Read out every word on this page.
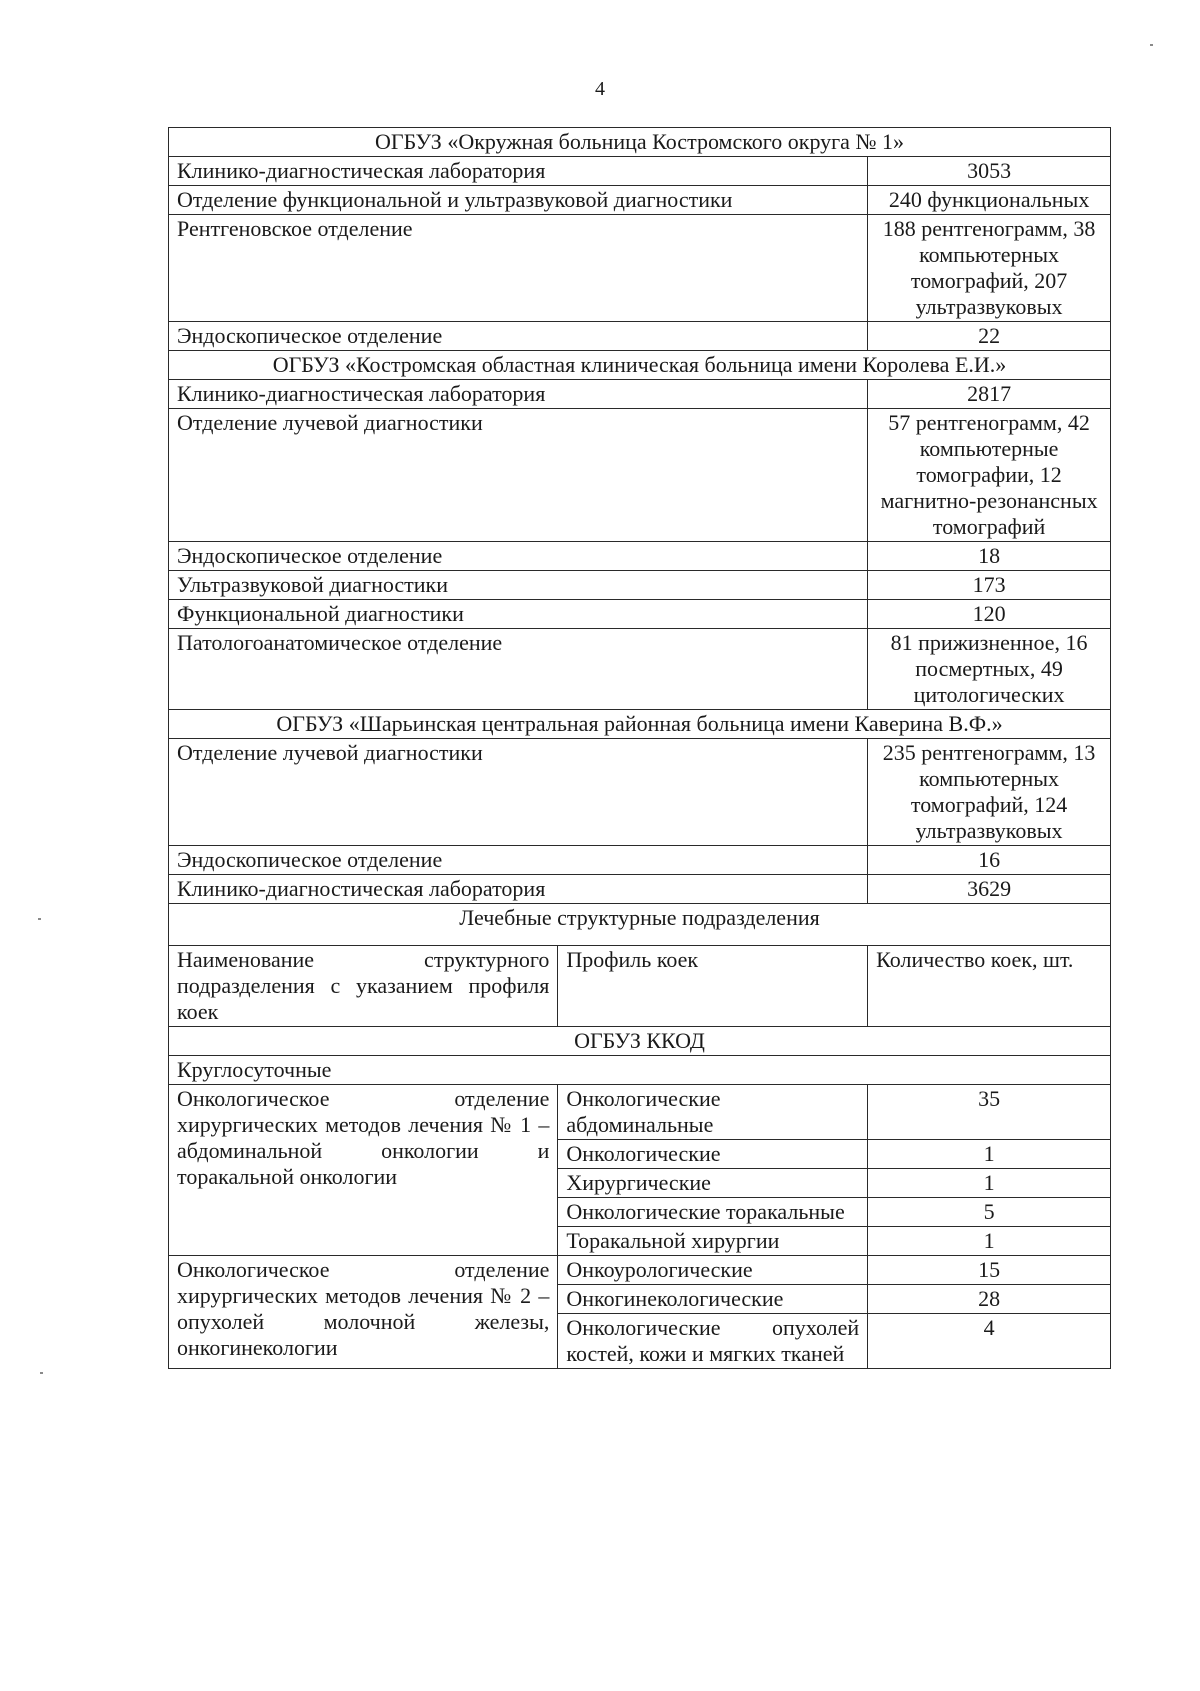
4
ОГБУЗ «Окружная больница Костромского округа № 1»		
Клинико-диагностическая лаборатория		3053
Отделение функциональной и ультразвуковой диагностики		240 функциональных
Рентгеновское отделение		188 рентгенограмм, 38 компьютерных томографий, 207 ультразвуковых
Эндоскопическое отделение		22
ОГБУЗ «Костромская областная клиническая больница имени Королева Е.И.»		
Клинико-диагностическая лаборатория		2817
Отделение лучевой диагностики		57 рентгенограмм, 42 компьютерные томографии, 12 магнитно-резонансных томографий
Эндоскопическое отделение		18
Ультразвуковой диагностики		173
Функциональной диагностики		120
Патологоанатомическое отделение		81 прижизненное, 16 посмертных, 49 цитологических
ОГБУЗ «Шарьинская центральная районная больница имени Каверина В.Ф.»		
Отделение лучевой диагностики		235 рентгенограмм, 13 компьютерных томографий, 124 ультразвуковых
Эндоскопическое отделение		16
Клинико-диагностическая лаборатория		3629
Лечебные структурные подразделения		
Наименование структурного подразделения с указанием профиля коек	Профиль коек	Количество коек, шт.
ОГБУЗ ККОД		
Круглосуточные		
Онкологическое отделение хирургических методов лечения № 1 – абдоминальной онкологии и торакальной онкологии	Онкологические абдоминальные	35
	Онкологические	1
	Хирургические	1
	Онкологические торакальные	5
	Торакальной хирургии	1
Онкологическое отделение хирургических методов лечения № 2 – опухолей молочной железы, онкогинекологии	Онкоурологические	15
	Онкогинекологические	28
	Онкологические опухолей костей, кожи и мягких тканей	4
